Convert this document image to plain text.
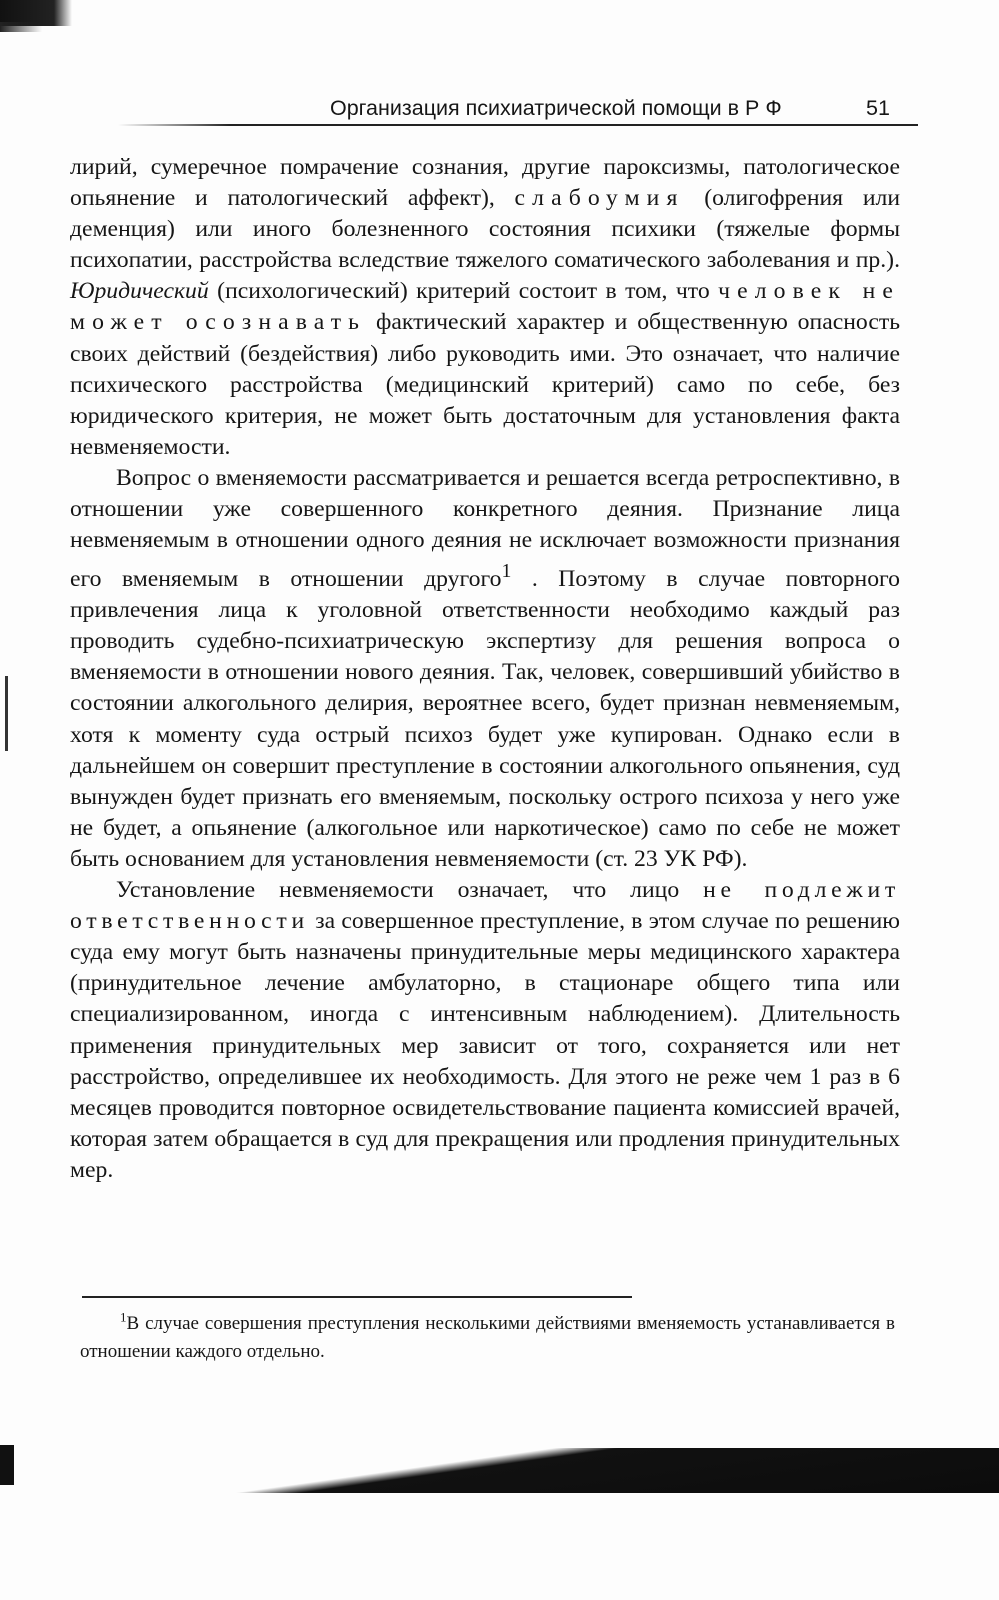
Организация психиатрической помощи в Р Ф	51

лирий, сумеречное помрачение сознания, другие пароксизмы, патологическое опьянение и патологический аффект), слабоумия (олигофрения или деменция) или иного болезненного состояния психики (тяжелые формы психопатии, расстройства вследствие тяжелого соматического заболевания и пр.). Юридический (психологический) критерий состоит в том, что человек не может осознавать фактический характер и общественную опасность своих действий (бездействия) либо руководить ими. Это означает, что наличие психического расстройства (медицинский критерий) само по себе, без юридического критерия, не может быть достаточным для установления факта невменяемости.

Вопрос о вменяемости рассматривается и решается всегда ретроспективно, в отношении уже совершенного конкретного деяния. Признание лица невменяемым в отношении одного деяния не исключает возможности признания его вменяемым в отношении другого$^1$ . Поэтому в случае повторного привлечения лица к уголовной ответственности необходимо каждый раз проводить судебно-психиатрическую экспертизу для решения вопроса о вменяемости в отношении нового деяния. Так, человек, совершивший убийство в состоянии алкогольного делирия, вероятнее всего, будет признан невменяемым, хотя к моменту суда острый психоз будет уже купирован. Однако если в дальнейшем он совершит преступление в состоянии алкогольного опьянения, суд вынужден будет признать его вменяемым, поскольку острого психоза у него уже не будет, а опьянение (алкогольное или наркотическое) само по себе не может быть основанием для установления невменяемости (ст. 23 УК РФ).

Установление невменяемости означает, что лицо не подлежит ответственности за совершенное преступление, в этом случае по решению суда ему могут быть назначены принудительные меры медицинского характера (принудительное лечение амбулаторно, в стационаре общего типа или специализированном, иногда с интенсивным наблюдением). Длительность применения принудительных мер зависит от того, сохраняется или нет расстройство, определившее их необходимость. Для этого не реже чем 1 раз в 6 месяцев проводится повторное освидетельствование пациента комиссией врачей, которая затем обращается в суд для прекращения или продления принудительных мер.

$^1$В случае совершения преступления несколькими действиями вменяемость устанавливается в отношении каждого отдельно.
